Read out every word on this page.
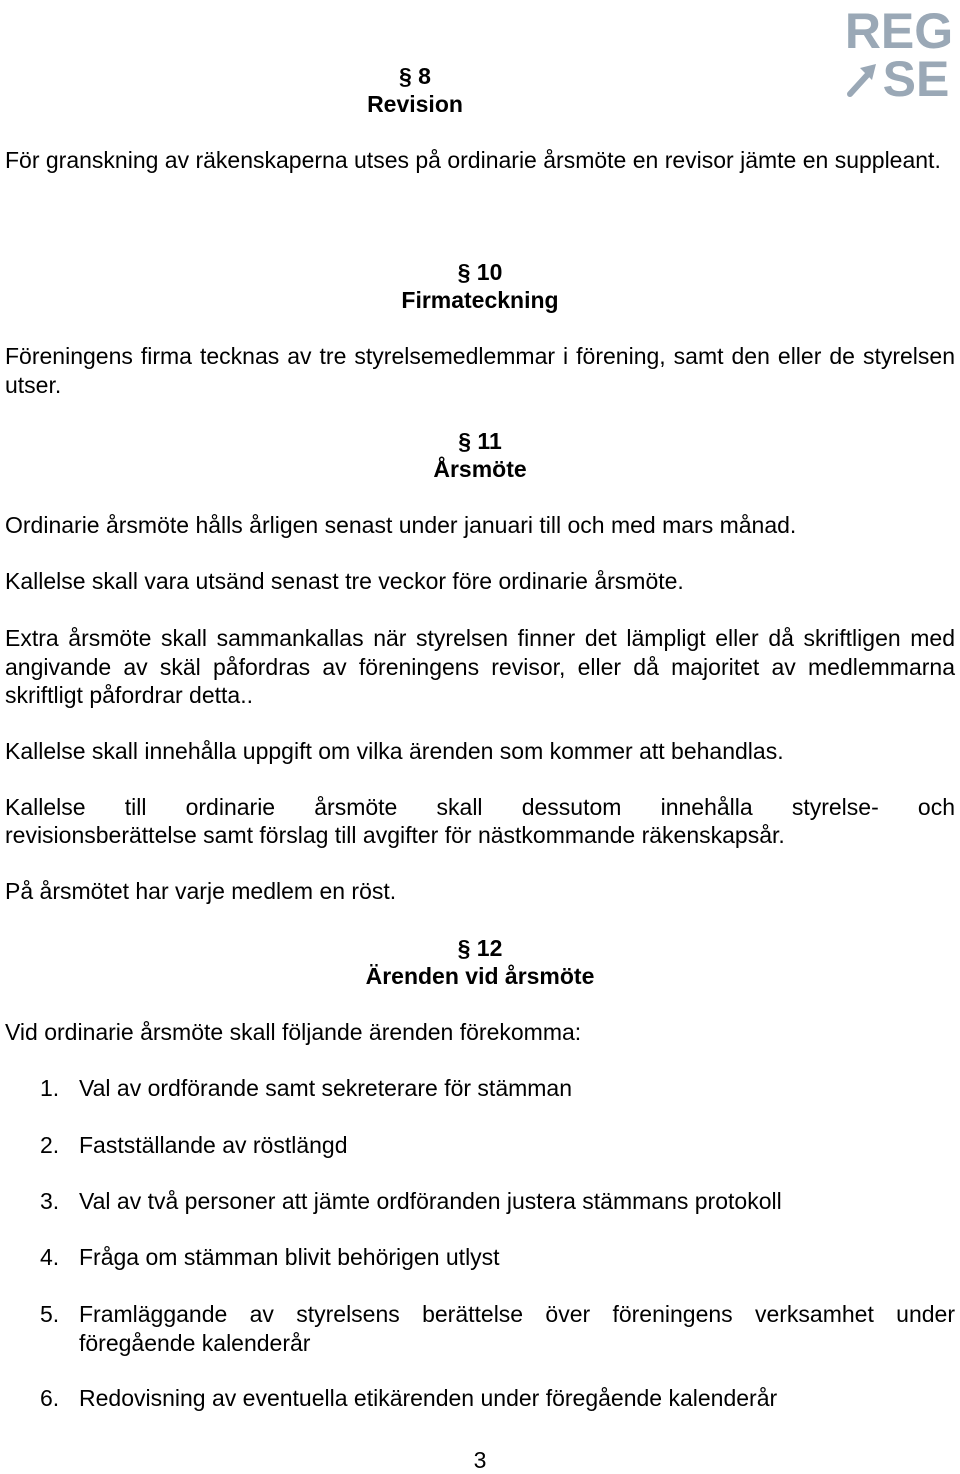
REG
SE
§ 8
Revision
För granskning av räkenskaperna utses på ordinarie årsmöte en revisor jämte en suppleant.
§ 10
Firmateckning
Föreningens firma tecknas av tre styrelsemedlemmar i förening, samt den eller de styrelsen utser.
§ 11
Årsmöte
Ordinarie årsmöte hålls årligen senast under januari till och med mars månad.
Kallelse skall vara utsänd senast tre veckor före ordinarie årsmöte.
Extra årsmöte skall sammankallas när styrelsen finner det lämpligt eller då skriftligen med angivande av skäl påfordras av föreningens revisor, eller då majoritet av medlemmarna skriftligt påfordrar detta..
Kallelse skall innehålla uppgift om vilka ärenden som kommer att behandlas.
Kallelse till ordinarie årsmöte skall dessutom innehålla styrelse- och
revisionsberättelse samt förslag till avgifter för nästkommande räkenskapsår.
På årsmötet har varje medlem en röst.
§ 12
Ärenden vid årsmöte
Vid ordinarie årsmöte skall följande ärenden förekomma:
1. Val av ordförande samt sekreterare för stämman
2. Fastställande av röstlängd
3. Val av två personer att jämte ordföranden justera stämmans protokoll
4. Fråga om stämman blivit behörigen utlyst
5. Framläggande av styrelsens berättelse över föreningens verksamhet under föregående kalenderår
6. Redovisning av eventuella etikärenden under föregående kalenderår
3
